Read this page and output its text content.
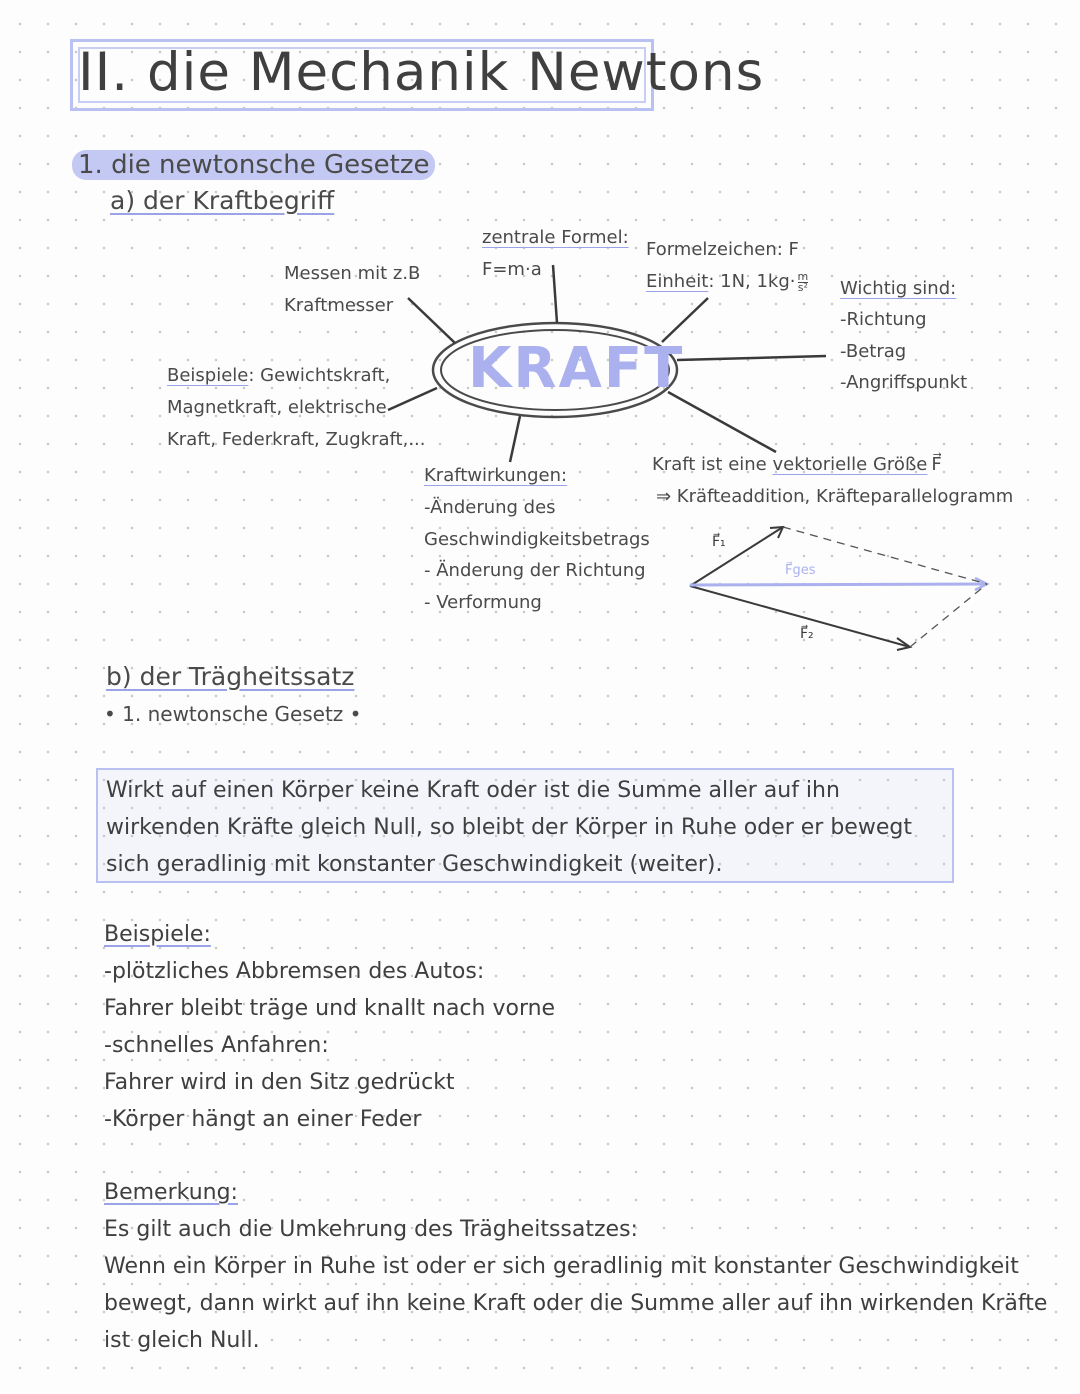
II. die Mechanik Newtons
1. die newtonsche Gesetze
a) der Kraftbegriff
KRAFT
zentrale Formel:
F=m·a
Messen mit z.B
Kraftmesser
Formelzeichen: F
Einheit: 1N, $1kg\cdot \frac{m}{\text{s²}}$ Wichtig sind:
-Richtung
-Betrag
-Angriffspunkt
Beispiele: Gewichtskraft,
Magnetkraft, elektrische
Kraft, Federkraft, Zugkraft,...
Kraftwirkungen:
-Änderung des
Geschwindigkeitsbetrags
- Änderung der Richtung
- Verformung
Kraft ist eine vektorielle Größe F⃗
⇒ Kräfteaddition, Kräfteparallelogramm
F⃗₁
F⃗₂
F⃗ges
b) der Trägheitssatz
• 1. newtonsche Gesetz •
Wirkt auf einen Körper keine Kraft oder ist die Summe aller auf ihn wirkenden Kräfte gleich Null, so bleibt der Körper in Ruhe oder er bewegt sich geradlinig mit konstanter Geschwindigkeit (weiter).
Beispiele:
-plötzliches Abbremsen des Autos:
Fahrer bleibt träge und knallt nach vorne
-schnelles Anfahren:
Fahrer wird in den Sitz gedrückt
-Körper hängt an einer Feder
Bemerkung:
Es gilt auch die Umkehrung des Trägheitssatzes:
Wenn ein Körper in Ruhe ist oder er sich geradlinig mit konstanter Geschwindigkeit
bewegt, dann wirkt auf ihn keine Kraft oder die Summe aller auf ihn wirkenden Kräfte
ist gleich Null.
